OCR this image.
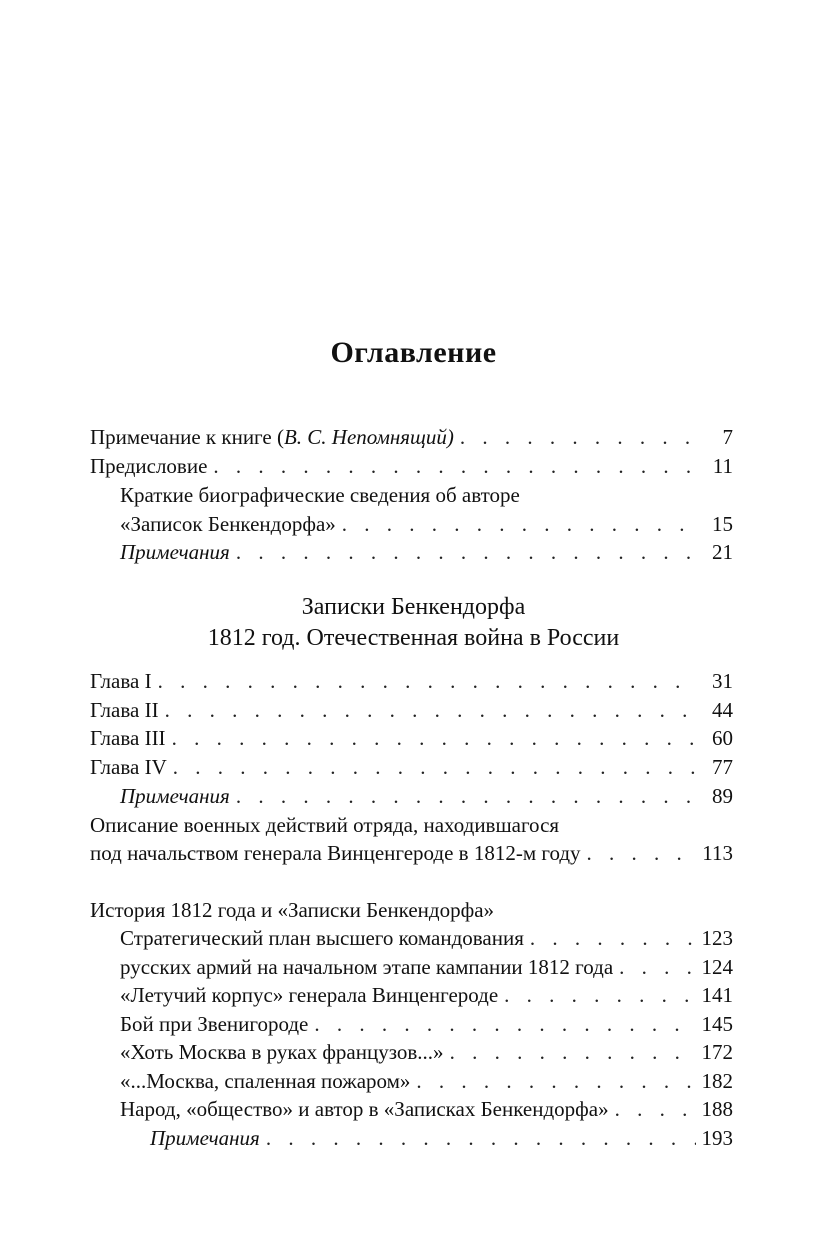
Оглавление
Примечание к книге (В. С. Непомнящий) . . .	7
Предисловие . . .	11
Краткие биографические сведения об авторе
«Записок Бенкендорфа» . . .	15
Примечания . . .	21
Записки Бенкендорфа
1812 год. Отечественная война в России
Глава I . . .	31
Глава II . . .	44
Глава III . . .	60
Глава IV . . .	77
Примечания . . .	89
Описание военных действий отряда, находившагося
под начальством генерала Винценгероде в 1812-м году . . .	113
История 1812 года и «Записки Бенкендорфа»
Стратегический план высшего командования . . .	123
русских армий на начальном этапе кампании 1812 года . . .	124
«Летучий корпус» генерала Винценгероде . . .	141
Бой при Звенигороде . . .	145
«Хоть Москва в руках французов...» . . .	172
«...Москва, спаленная пожаром» . . .	182
Народ, «общество» и автор в «Записках Бенкендорфа» . . .	188
Примечания . . .	193
